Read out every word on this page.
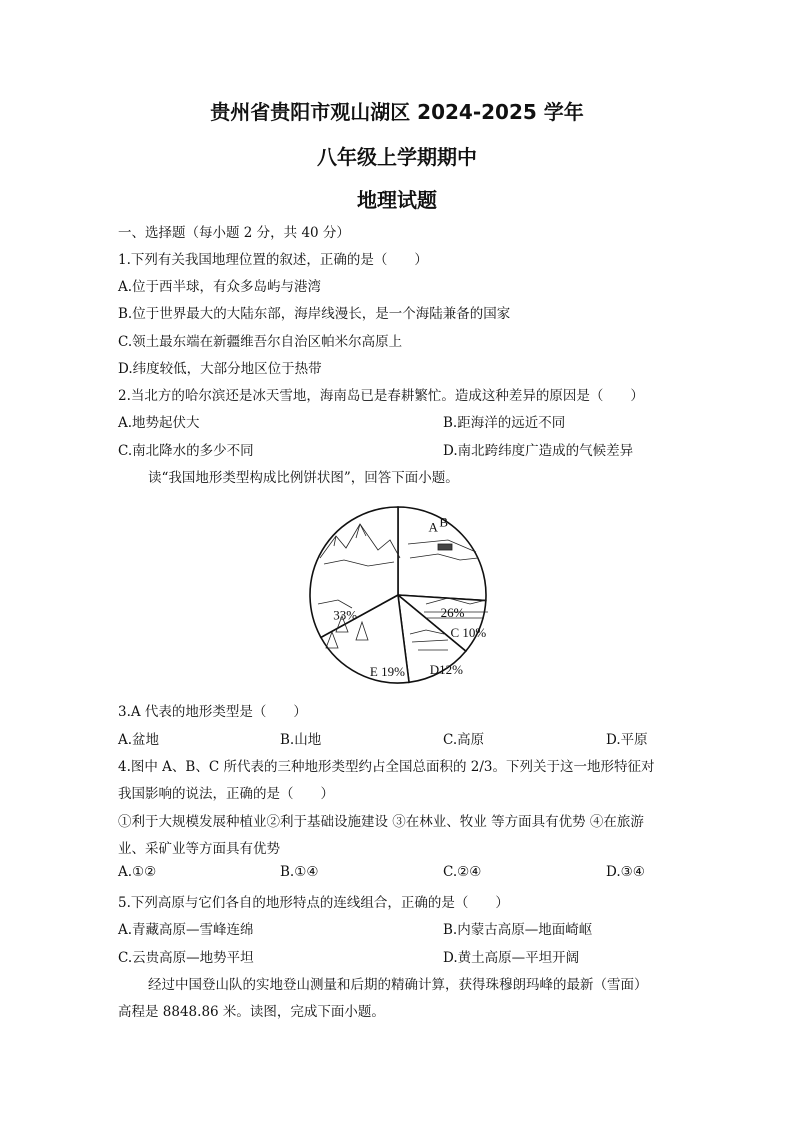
贵州省贵阳市观山湖区 2024-2025 学年
八年级上学期期中
地理试题
一、选择题（每小题 2 分，共 40 分）
1.下列有关我国地理位置的叙述，正确的是（　　）
A.位于西半球，有众多岛屿与港湾
B.位于世界最大的大陆东部，海岸线漫长，是一个海陆兼备的国家
C.领土最东端在新疆维吾尔自治区帕米尔高原上
D.纬度较低，大部分地区位于热带
2.当北方的哈尔滨还是冰天雪地，海南岛已是春耕繁忙。造成这种差异的原因是（　　）
A.地势起伏大	B.距海洋的远近不同
C.南北降水的多少不同	D.南北跨纬度广造成的气候差异
读“我国地形类型构成比例饼状图”，回答下面小题。
A
33%
B
26%
C 10%
D12%
E 19%
3.A 代表的地形类型是（　　）
A.盆地	B.山地	C.高原	D.平原
4.图中 A、B、C 所代表的三种地形类型约占全国总面积的 2/3。下列关于这一地形特征对
我国影响的说法，正确的是（　　）
①利于大规模发展种植业②利于基础设施建设 ③在林业、牧业 等方面具有优势 ④在旅游
业、采矿业等方面具有优势
A.①②	B.①④	C.②④	D.③④
5.下列高原与它们各自的地形特点的连线组合，正确的是（　　）
A.青藏高原—雪峰连绵	B.内蒙古高原—地面崎岖
C.云贵高原—地势平坦	D.黄土高原—平坦开阔
经过中国登山队的实地登山测量和后期的精确计算，获得珠穆朗玛峰的最新（雪面）
高程是 8848.86 米。读图，完成下面小题。
